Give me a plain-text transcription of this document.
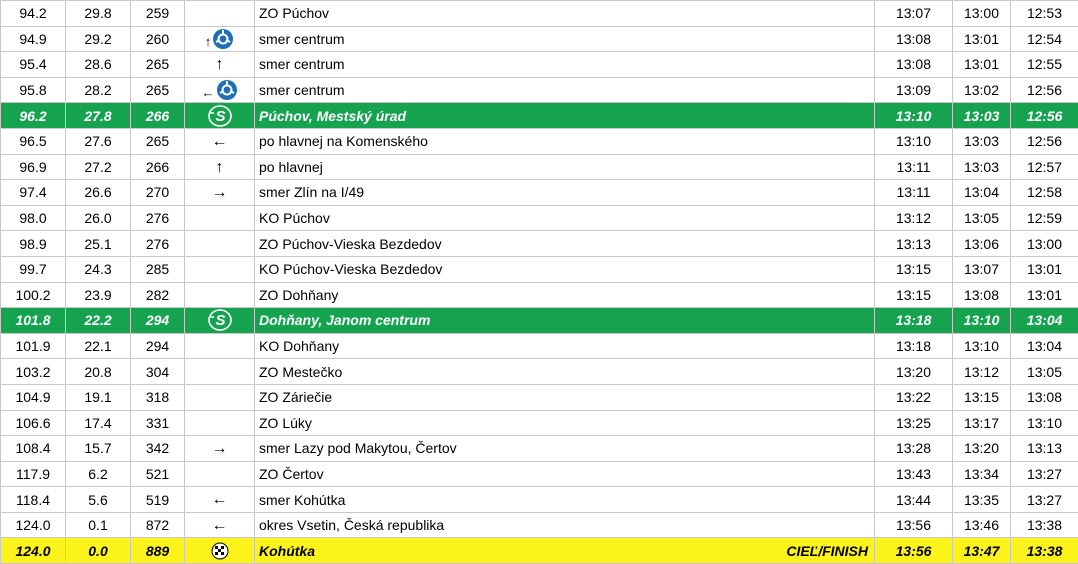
94.2	29.8	259		ZO Púchov	13:07	13:00	12:53
94.9	29.2	260	↑	smer centrum	13:08	13:01	12:54
95.4	28.6	265	↑	smer centrum	13:08	13:01	12:55
95.8	28.2	265	←	smer centrum	13:09	13:02	12:56
96.2	27.8	266	S	Púchov, Mestský úrad	13:10	13:03	12:56
96.5	27.6	265	←	po hlavnej na Komenského	13:10	13:03	12:56
96.9	27.2	266	↑	po hlavnej	13:11	13:03	12:57
97.4	26.6	270	→	smer Zlín na I/49	13:11	13:04	12:58
98.0	26.0	276		KO Púchov	13:12	13:05	12:59
98.9	25.1	276		ZO Púchov-Vieska Bezdedov	13:13	13:06	13:00
99.7	24.3	285		KO Púchov-Vieska Bezdedov	13:15	13:07	13:01
100.2	23.9	282		ZO Dohňany	13:15	13:08	13:01
101.8	22.2	294	S	Dohňany, Janom centrum	13:18	13:10	13:04
101.9	22.1	294		KO Dohňany	13:18	13:10	13:04
103.2	20.8	304		ZO Mestečko	13:20	13:12	13:05
104.9	19.1	318		ZO Záriečie	13:22	13:15	13:08
106.6	17.4	331		ZO Lúky	13:25	13:17	13:10
108.4	15.7	342	→	smer Lazy pod Makytou, Čertov	13:28	13:20	13:13
117.9	6.2	521		ZO Čertov	13:43	13:34	13:27
118.4	5.6	519	←	smer Kohútka	13:44	13:35	13:27
124.0	0.1	872	←	okres Vsetin, Česká republika	13:56	13:46	13:38
124.0	0.0	889		Kohútka CIEĽ/FINISH	13:56	13:47	13:38
